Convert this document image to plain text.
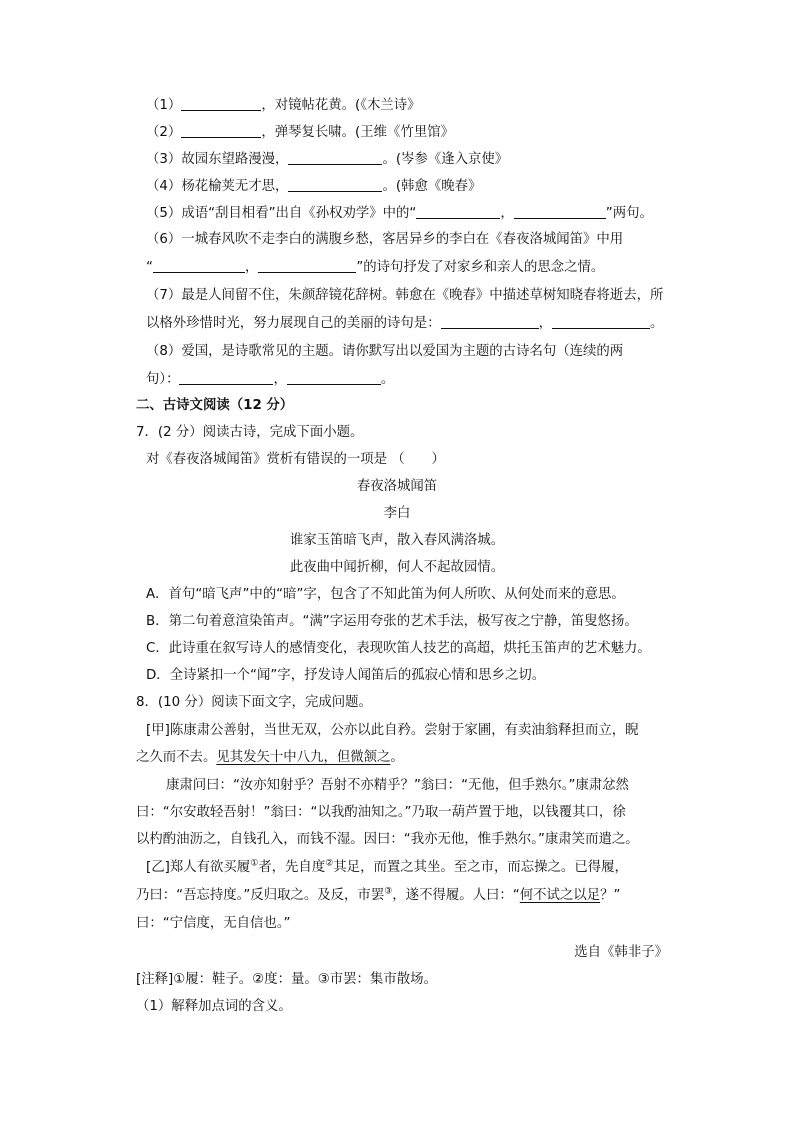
（1）	，对镜帖花黄。(《木兰诗》
（2）	，弹琴复长啸。(王维《竹里馆》
（3）故园东望路漫漫，	。(岑参《逢入京使》
（4）杨花榆荚无才思，	。(韩愈《晚春》
（5）成语“刮目相看”出自《孙权劝学》中的“	，	”两句。
（6）一城春风吹不走李白的满腹乡愁，客居异乡的李白在《春夜洛城闻笛》中用
“	，	”的诗句抒发了对家乡和亲人的思念之情。
（7）最是人间留不住，朱颜辞镜花辞树。韩愈在《晚春》中描述草树知晓春将逝去，所
以格外珍惜时光，努力展现自己的美丽的诗句是：	，	。
（8）爱国，是诗歌常见的主题。请你默写出以爱国为主题的古诗名句（连续的两
句）：	，	。
二、古诗文阅读（12 分）
7．(2 分）阅读古诗，完成下面小题。
对《春夜洛城闻笛》赏析有错误的一项是 （　　）
春夜洛城闻笛
李白
谁家玉笛暗飞声，散入春风满洛城。
此夜曲中闻折柳，何人不起故园情。
A．首句“暗飞声”中的“暗”字，包含了不知此笛为何人所吹、从何处而来的意思。
B．第二句着意渲染笛声。“满”字运用夸张的艺术手法，极写夜之宁静，笛叟悠扬。
C．此诗重在叙写诗人的感情变化，表现吹笛人技艺的高超，烘托玉笛声的艺术魅力。
D．全诗紧扣一个“闻”字，抒发诗人闻笛后的孤寂心情和思乡之切。
8．(10 分）阅读下面文字，完成问题。
[甲]陈康肃公善射，当世无双，公亦以此自矜。尝射于家圃，有卖油翁释担而立，睨
之久而不去。见其发矢十中八九，但微颔之。
康肃问曰：“汝亦知射乎？吾射不亦精乎？”翁曰：“无他，但手熟尔。”康肃忿然
曰：“尔安敢轻吾射！”翁曰：“以我酌油知之。”乃取一葫芦置于地，以钱覆其口，徐
以杓酌油沥之，自钱孔入，而钱不湿。因曰：“我亦无他，惟手熟尔。”康肃笑而遣之。
[乙]郑人有欲买履①者，先自度②其足，而置之其坐。至之市，而忘操之。已得履，
乃曰：“吾忘持度。”反归取之。及反，市罢③，遂不得履。人曰：“何不试之以足？”
曰：“宁信度，无自信也。”
选自《韩非子》
[注释]①履：鞋子。②度：量。③市罢：集市散场。
（1）解释加点词的含义。
